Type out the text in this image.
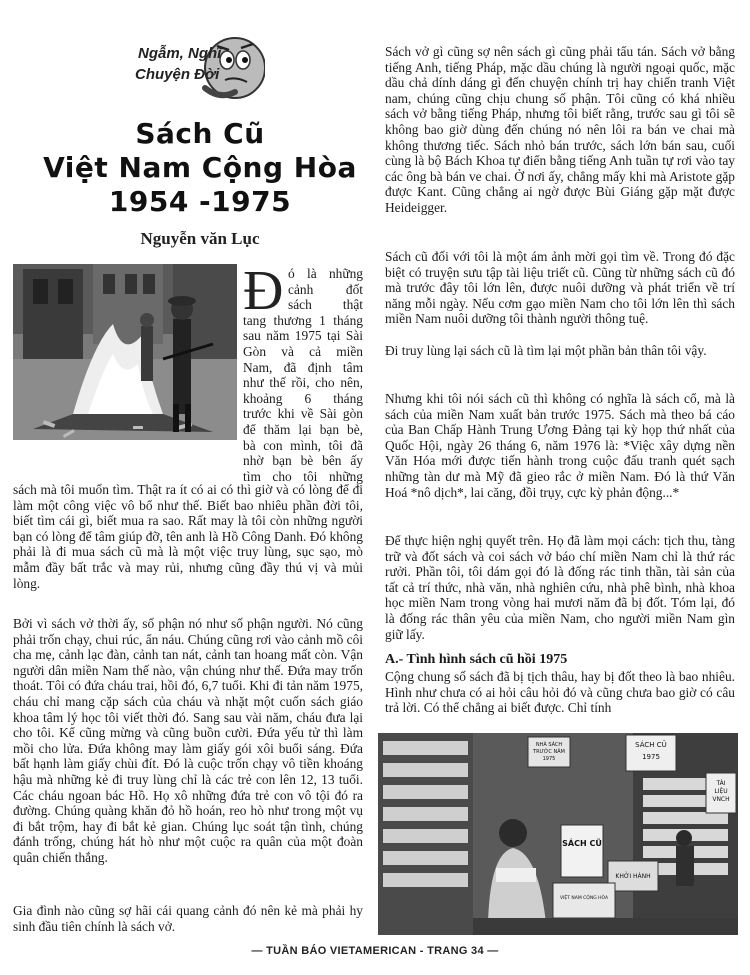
Ngẫm, Nghĩ
Chuyện Đời
Sách Cũ
Việt Nam Cộng Hòa
1954 -1975
Nguyễn văn Lục
Đ ó là những
cảnh đốt
sách thật
tang thương 1 tháng
sau năm 1975 tại Sài
Gòn và cả miền
Nam, đã định tâm
như thế rồi, cho nên,
khoảng 6 tháng
trước khi về Sài gòn
để thăm lại bạn bè,
bà con mình, tôi đã
nhờ bạn bè bên ấy
tìm cho tôi những

sách mà tôi muốn tìm. Thật ra ít có ai có thì giờ và có lòng để đi làm một công việc vô bổ như thế. Biết bao nhiêu phần đời tôi, biết tìm cái gì, biết mua ra sao. Rất may là tôi còn những người bạn có lòng để tâm giúp đỡ, tên anh là Hồ Công Danh. Đó không phải là đi mua sách cũ mà là một việc truy lùng, sục sạo, mò mẫm đầy bất trắc và may rủi, nhưng cũng đầy thú vị và mủi lòng.

Bởi vì sách vở thời ấy, số phận nó như số phận người. Nó cũng phải trốn chạy, chui rúc, ẩn náu. Chúng cũng rơi vào cảnh mồ côi cha mẹ, cảnh lạc đàn, cảnh tan nát, cảnh tan hoang mất còn. Vận người dân miền Nam thế nào, vận chúng như thế. Đứa may trốn thoát. Tôi có đứa cháu trai, hồi đó, 6,7 tuổi. Khi đi tản năm 1975, cháu chỉ mang cặp sách của cháu và nhặt một cuốn sách giáo khoa tâm lý học tôi viết thời đó. Sang sau vài năm, cháu đưa lại cho tôi. Kể cũng mừng và cũng buồn cười. Đứa yếu tử thì làm mồi cho lửa. Đứa không may làm giấy gói xôi buổi sáng. Đứa bất hạnh làm giấy chùi đít. Đó là cuộc trốn chạy vô tiền khoáng hậu mà những kẻ đi truy lùng chỉ là các trẻ con lên 12, 13 tuổi. Các cháu ngoan bác Hồ. Họ xô những đứa trẻ con vô tội đó ra đường. Chúng quàng khăn đỏ hồ hoán, reo hò như trong một vụ đi bắt trộm, hay đi bắt kẻ gian. Chúng lục soát tận tình, chúng đánh trống, chúng hát hò như một cuộc ra quân của một đoàn quân chiến thắng.

Gia đình nào cũng sợ hãi cái quang cảnh đó nên kẻ mà phải hy sinh đầu tiên chính là sách vở.

Sách vở gì cũng sợ nên sách gì cũng phải tẩu tán. Sách vở bằng tiếng Anh, tiếng Pháp, mặc dầu chúng là người ngoại quốc, mặc dầu chả dính dáng gì đến chuyện chính trị hay chiến tranh Việt nam, chúng cũng chịu chung số phận. Tôi cũng có khá nhiều sách vở bằng tiếng Pháp, nhưng tôi biết rằng, trước sau gì tôi sẽ không bao giờ dùng đến chúng nó nên lôi ra bán ve chai mà không thương tiếc. Sách nhỏ bán trước, sách lớn bán sau, cuối cùng là bộ Bách Khoa tự điển bằng tiếng Anh tuần tự rơi vào tay các ông bà bán ve chai. Ở nơi ấy, chẳng mấy khi mà Aristote gặp được Kant. Cũng chẳng ai ngờ được Bùi Giáng gặp mặt được Heideigger.

Sách cũ đối với tôi là một ám ảnh mời gọi tìm về. Trong đó đặc biệt có truyện sưu tập tài liệu triết cũ. Cũng từ những sách cũ đó mà trước đây tôi lớn lên, được nuôi dưỡng và phát triển về trí năng mỗi ngày. Nếu cơm gạo miền Nam cho tôi lớn lên thì sách miền Nam nuôi dưỡng tôi thành người thông tuệ.

Đi truy lùng lại sách cũ là tìm lại một phần bản thân tôi vậy.

Nhưng khi tôi nói sách cũ thì không có nghĩa là sách cổ, mà là sách của miền Nam xuất bản trước 1975. Sách mà theo bá cáo của Ban Chấp Hành Trung Ương Đảng tại kỳ họp thứ nhất của Quốc Hội, ngày 26 tháng 6, năm 1976 là: *Việc xây dựng nền Văn Hóa mới được tiến hành trong cuộc đấu tranh quét sạch những tàn dư mà Mỹ đã gieo rắc ở miền Nam. Đó là thứ Văn Hoá *nô dịch*, lai căng, đồi trụy, cực kỳ phản động...*

Để thực hiện nghị quyết trên. Họ đã làm mọi cách: tịch thu, tàng trữ và đốt sách và coi sách vở báo chí miền Nam chỉ là thứ rác rưởi. Phần tôi, tôi dám gọi đó là đống rác tinh thần, tài sản của tất cả trí thức, nhà văn, nhà nghiên cứu, nhà phê bình, nhà khoa học miền Nam trong vòng hai mươi năm đã bị đốt. Tóm lại, đó là đống rác thân yêu của miền Nam, cho người miền Nam gìn giữ lấy.

A.- Tình hình sách cũ hồi 1975

Cộng chung số sách đã bị tịch thâu, hay bị đốt theo là bao nhiêu. Hình như chưa có ai hỏi câu hỏi đó và cũng chưa bao giờ có câu trả lời. Có thể chẳng ai biết được. Chỉ tính

SÁCH CŨ 1975
NHÀ SÁCH TRƯỚC NĂM 1975
TÀI LIỆU VNCH
SÁCH CŨ
KHỞI HÀNH
VIỆT NAM CỘNG HÒA
— TUẦN BÁO VIETAMERICAN - TRANG 34 —
